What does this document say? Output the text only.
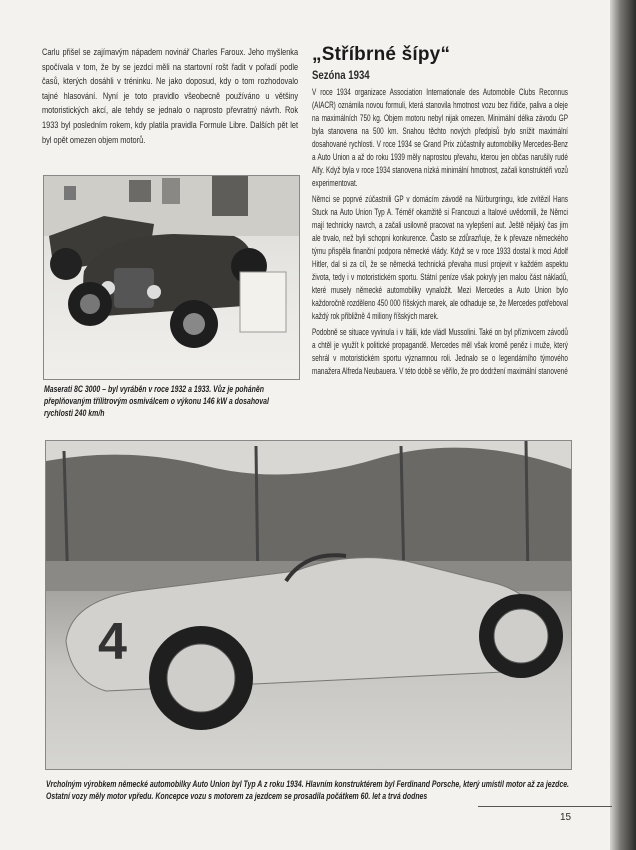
Carlu přišel se zajímavým nápadem novinář Charles Faroux. Jeho myšlenka spočívala v tom, že by se jezdci měli na startovní rošt řadit v pořadí podle časů, kterých dosáhli v tréninku. Ne jako doposud, kdy o tom rozhodovalo tajné hlasování. Nyní je toto pravidlo všeobecně používáno u většiny motoristických akcí, ale tehdy se jednalo o naprosto převratný návrh. Rok 1933 byl posledním rokem, kdy platila pravidla Formule Libre. Dalších pět let byl opět omezen objem motorů.

Maserati 8C 3000 – byl vyráběn v roce 1932 a 1933. Vůz je poháněn přeplňovaným třílitrovým osmiválcem o výkonu 146 kW a dosahoval rychlosti 240 km/h
„Stříbrné šípy“
Sezóna 1934

V roce 1934 organizace Association Internationale des Automobile Clubs Reconnus (AIACR) oznámila novou formuli, která stanovila hmotnost vozu bez řidiče, paliva a oleje na maximálních 750 kg. Objem motoru nebyl nijak omezen. Minimální délka závodu GP byla stanovena na 500 km. Snahou těchto nových předpisů bylo snížit maximální dosahované rychlosti. V roce 1934 se Grand Prix zúčastnily automobilky Mercedes-Benz a Auto Union a až do roku 1939 měly naprostou převahu, kterou jen občas narušily rudé Alfy. Když byla v roce 1934 stanovena nízká minimální hmotnost, začali konstruktéři vozů experimentovat.

Němci se poprvé zúčastnili GP v domácím závodě na Nürburgringu, kde zvítězil Hans Stuck na Auto Union Typ A. Téměř okamžitě si Francouzi a Italové uvědomili, že Němci mají technicky navrch, a začali usilovně pracovat na vylepšení aut. Ještě nějaký čas jim ale trvalo, než byli schopni konkurence. Často se zdůrazňuje, že k převaze německého týmu přispěla finanční podpora německé vlády. Když se v roce 1933 dostal k moci Adolf Hitler, dal si za cíl, že se německá technická převaha musí projevit v každém aspektu života, tedy i v motoristickém sportu. Státní peníze však pokryly jen malou část nákladů, které musely německé automobilky vynaložit. Mezi Mercedes a Auto Union bylo každoročně rozděleno 450 000 říšských marek, ale odhaduje se, že Mercedes potřeboval každý rok přibližně 4 miliony říšských marek.

Podobně se situace vyvinula i v Itálii, kde vládl Mussolini. Také on byl příznivcem závodů a chtěl je využít k politické propagandě. Mercedes měl však kromě peněz i muže, který sehrál v motoristickém sportu významnou roli. Jednalo se o legendárního týmového manažera Alfreda Neubauera. V této době se věřilo, že pro dodržení maximální stanovené

4
Vrcholným výrobkem německé automobilky Auto Union byl Typ A z roku 1934. Hlavním konstruktérem byl Ferdinand Porsche, který umístil motor až za jezdce. Ostatní vozy měly motor vpředu. Koncepce vozu s motorem za jezdcem se prosadila počátkem 60. let a trvá dodnes
15
